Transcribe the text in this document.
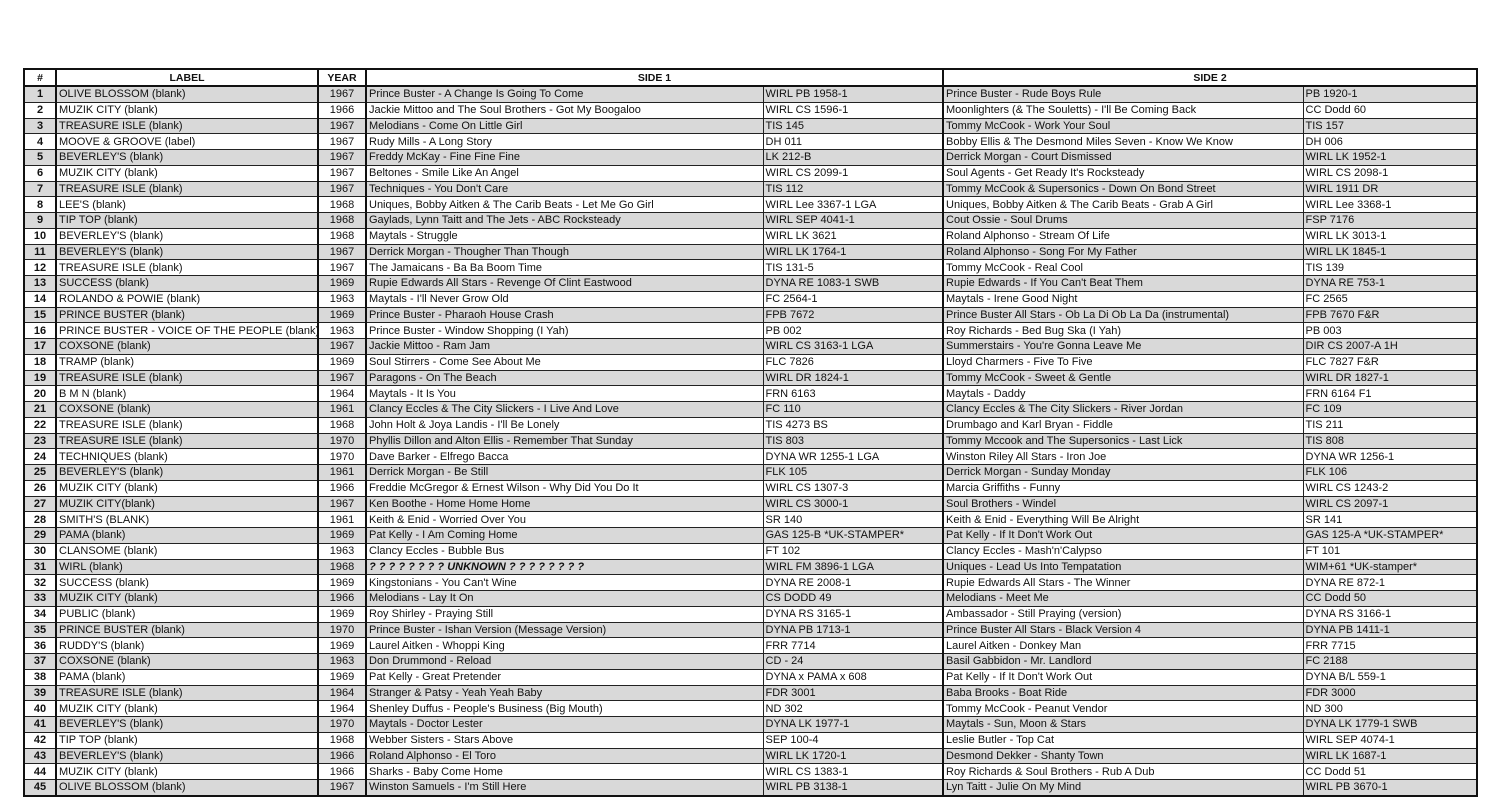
#	LABEL	YEAR	SIDE 1		SIDE 2	
1	OLIVE BLOSSOM (blank)	1967	Prince Buster - A Change Is Going To Come	WIRL PB 1958-1	Prince Buster - Rude Boys Rule	PB 1920-1
2	MUZIK CITY (blank)	1966	Jackie Mittoo and The Soul Brothers - Got My Boogaloo	WIRL CS 1596-1	Moonlighters (& The Souletts) - I'll Be Coming Back	CC Dodd 60
3	TREASURE ISLE (blank)	1967	Melodians - Come On Little Girl	TIS 145	Tommy McCook - Work Your Soul	TIS 157
4	MOOVE & GROOVE (label)	1967	Rudy Mills - A Long Story	DH 011	Bobby Ellis & The Desmond Miles Seven - Know We Know	DH 006
5	BEVERLEY'S (blank)	1967	Freddy McKay - Fine Fine Fine	LK 212-B	Derrick Morgan - Court Dismissed	WIRL LK 1952-1
6	MUZIK CITY (blank)	1967	Beltones - Smile Like An Angel	WIRL CS 2099-1	Soul Agents - Get Ready It's Rocksteady	WIRL CS 2098-1
7	TREASURE ISLE (blank)	1967	Techniques - You Don't Care	TIS 112	Tommy McCook & Supersonics - Down On Bond Street	WIRL 1911 DR
8	LEE'S (blank)	1968	Uniques, Bobby Aitken & The Carib Beats - Let Me Go Girl	WIRL Lee 3367-1 LGA	Uniques, Bobby Aitken & The Carib Beats - Grab A Girl	WIRL Lee 3368-1
9	TIP TOP (blank)	1968	Gaylads, Lynn Taitt and The Jets - ABC Rocksteady	WIRL SEP 4041-1	Cout Ossie - Soul Drums	FSP 7176
10	BEVERLEY'S (blank)	1968	Maytals - Struggle	WIRL LK 3621	Roland Alphonso - Stream Of Life	WIRL LK 3013-1
11	BEVERLEY'S (blank)	1967	Derrick Morgan - Thougher Than Though	WIRL LK 1764-1	Roland Alphonso - Song For My Father	WIRL LK 1845-1
12	TREASURE ISLE (blank)	1967	The Jamaicans - Ba Ba Boom Time	TIS 131-5	Tommy McCook - Real Cool	TIS 139
13	SUCCESS (blank)	1969	Rupie Edwards All Stars - Revenge Of Clint Eastwood	DYNA RE 1083-1 SWB	Rupie Edwards - If You Can't Beat Them	DYNA RE 753-1
14	ROLANDO & POWIE (blank)	1963	Maytals - I'll Never Grow Old	FC 2564-1	Maytals - Irene Good Night	FC 2565
15	PRINCE BUSTER (blank)	1969	Prince Buster - Pharaoh House Crash	FPB 7672	Prince Buster All Stars - Ob La Di Ob La Da (instrumental)	FPB 7670 F&R
16	PRINCE BUSTER - VOICE OF THE PEOPLE (blank)	1963	Prince Buster - Window Shopping (I Yah)	PB 002	Roy Richards - Bed Bug Ska (I Yah)	PB 003
17	COXSONE (blank)	1967	Jackie Mittoo - Ram Jam	WIRL CS 3163-1 LGA	Summerstairs - You're Gonna Leave Me	DIR CS 2007-A 1H
18	TRAMP (blank)	1969	Soul Stirrers - Come See About Me	FLC 7826	Lloyd Charmers - Five To Five	FLC 7827 F&R
19	TREASURE ISLE (blank)	1967	Paragons - On The Beach	WIRL DR 1824-1	Tommy McCook - Sweet & Gentle	WIRL DR 1827-1
20	B M N (blank)	1964	Maytals - It Is You	FRN 6163	Maytals - Daddy	FRN 6164 F1
21	COXSONE (blank)	1961	Clancy Eccles & The City Slickers - I Live And Love	FC 110	Clancy Eccles & The City Slickers - River Jordan	FC 109
22	TREASURE ISLE (blank)	1968	John Holt & Joya Landis - I'll Be Lonely	TIS 4273 BS	Drumbago and Karl Bryan - Fiddle	TIS 211
23	TREASURE ISLE (blank)	1970	Phyllis Dillon and Alton Ellis - Remember That Sunday	TIS 803	Tommy Mccook and The Supersonics - Last Lick	TIS 808
24	TECHNIQUES (blank)	1970	Dave Barker - Elfrego Bacca	DYNA WR 1255-1 LGA	Winston Riley All Stars - Iron Joe	DYNA WR 1256-1
25	BEVERLEY'S (blank)	1961	Derrick Morgan - Be Still	FLK 105	Derrick Morgan - Sunday Monday	FLK 106
26	MUZIK CITY (blank)	1966	Freddie McGregor & Ernest Wilson - Why Did You Do It	WIRL CS 1307-3	Marcia Griffiths - Funny	WIRL CS 1243-2
27	MUZIK CITY(blank)	1967	Ken Boothe - Home Home Home	WIRL CS 3000-1	Soul Brothers - Windel	WIRL CS 2097-1
28	SMITH'S (BLANK)	1961	Keith & Enid - Worried Over You	SR 140	Keith & Enid - Everything Will Be Alright	SR 141
29	PAMA (blank)	1969	Pat Kelly - I Am Coming Home	GAS 125-B *UK-STAMPER*	Pat Kelly - If It Don't Work Out	GAS 125-A *UK-STAMPER*
30	CLANSOME (blank)	1963	Clancy Eccles - Bubble Bus	FT 102	Clancy Eccles - Mash'n'Calypso	FT 101
31	WIRL (blank)	1968	? ? ? ? ? ? ? ? UNKNOWN ? ? ? ? ? ? ? ?	WIRL FM 3896-1 LGA	Uniques - Lead Us Into Tempatation	WIM+61 *UK-stamper*
32	SUCCESS (blank)	1969	Kingstonians - You Can't Wine	DYNA RE 2008-1	Rupie Edwards All Stars - The Winner	DYNA RE 872-1
33	MUZIK CITY (blank)	1966	Melodians - Lay It On	CS DODD 49	Melodians - Meet Me	CC Dodd 50
34	PUBLIC (blank)	1969	Roy Shirley - Praying Still	DYNA RS 3165-1	Ambassador - Still Praying (version)	DYNA RS 3166-1
35	PRINCE BUSTER (blank)	1970	Prince Buster - Ishan Version (Message Version)	DYNA PB 1713-1	Prince Buster All Stars - Black Version 4	DYNA PB 1411-1
36	RUDDY'S (blank)	1969	Laurel Aitken - Whoppi King	FRR 7714	Laurel Aitken - Donkey Man	FRR 7715
37	COXSONE (blank)	1963	Don Drummond - Reload	CD - 24	Basil Gabbidon - Mr. Landlord	FC 2188
38	PAMA (blank)	1969	Pat Kelly - Great Pretender	DYNA x PAMA x 608	Pat Kelly - If It Don't Work Out	DYNA B/L 559-1
39	TREASURE ISLE (blank)	1964	Stranger & Patsy - Yeah Yeah Baby	FDR 3001	Baba Brooks - Boat Ride	FDR 3000
40	MUZIK CITY (blank)	1964	Shenley Duffus - People's Business (Big Mouth)	ND 302	Tommy McCook - Peanut Vendor	ND 300
41	BEVERLEY'S (blank)	1970	Maytals - Doctor Lester	DYNA LK 1977-1	Maytals - Sun, Moon & Stars	DYNA LK 1779-1 SWB
42	TIP TOP (blank)	1968	Webber Sisters - Stars Above	SEP 100-4	Leslie Butler - Top Cat	WIRL SEP 4074-1
43	BEVERLEY'S (blank)	1966	Roland Alphonso - El Toro	WIRL LK 1720-1	Desmond Dekker - Shanty Town	WIRL LK 1687-1
44	MUZIK CITY (blank)	1966	Sharks - Baby Come Home	WIRL CS 1383-1	Roy Richards & Soul Brothers - Rub A Dub	CC Dodd 51
45	OLIVE BLOSSOM (blank)	1967	Winston Samuels - I'm Still Here	WIRL PB 3138-1	Lyn Taitt - Julie On My Mind	WIRL PB 3670-1
